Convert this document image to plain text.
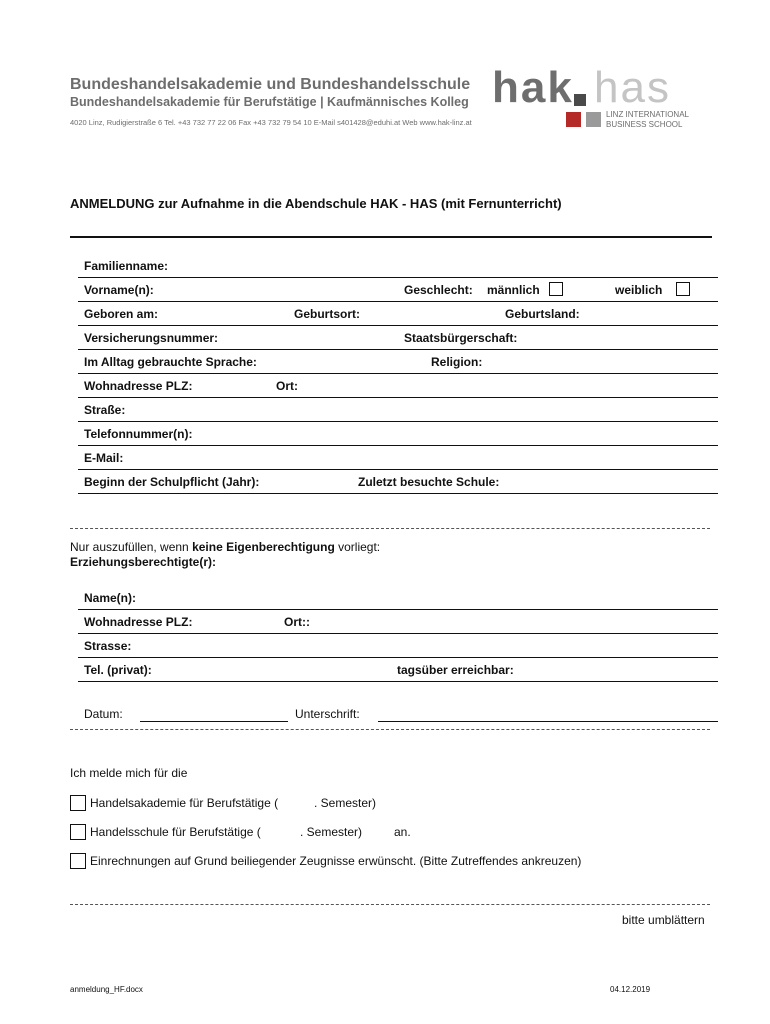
Bundeshandelsakademie und Bundeshandelsschule
Bundeshandelsakademie für Berufstätige | Kaufmännisches Kolleg
4020 Linz, Rudigierstraße 6 Tel. +43 732 77 22 06 Fax +43 732 79 54 10 E-Mail s401428@eduhi.at Web www.hak-linz.at
hak has
LINZ INTERNATIONAL
BUSINESS SCHOOL
ANMELDUNG zur Aufnahme in die Abendschule HAK - HAS (mit Fernunterricht)
Familienname:
Vorname(n):	Geschlecht: männlich	weiblich
Geboren am:	Geburtsort:	Geburtsland:
Versicherungsnummer:	Staatsbürgerschaft:
Im Alltag gebrauchte Sprache:	Religion:
Wohnadresse PLZ:	Ort:
Straße:
Telefonnummer(n):
E-Mail:
Beginn der Schulpflicht (Jahr):	Zuletzt besuchte Schule:
Nur auszufüllen, wenn keine Eigenberechtigung vorliegt:
Erziehungsberechtigte(r):
Name(n):
Wohnadresse PLZ:	Ort::
Strasse:
Tel. (privat):	tagsüber erreichbar:
Datum:	Unterschrift:
Ich melde mich für die
Handelsakademie für Berufstätige (	. Semester)
Handelsschule für Berufstätige (	. Semester)	an.
Einrechnungen auf Grund beiliegender Zeugnisse erwünscht. (Bitte Zutreffendes ankreuzen)
bitte umblättern
anmeldung_HF.docx	04.12.2019
